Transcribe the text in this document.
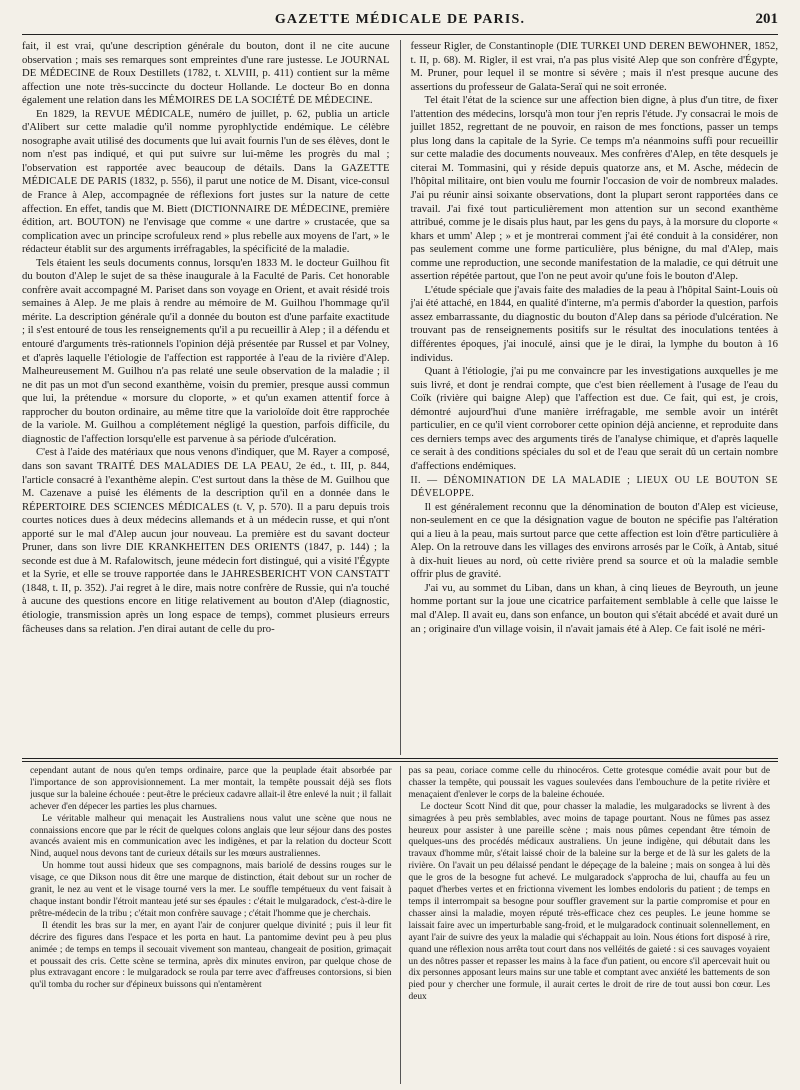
GAZETTE MÉDICALE DE PARIS.	201

fait, il est vrai, qu'une description générale du bouton, dont il ne cite aucune observation ; mais ses remarques sont empreintes d'une rare justesse. Le JOURNAL DE MÉDECINE de Roux Destillets (1782, t. XLVIII, p. 411) contient sur la même affection une note très-succincte du docteur Hollande. Le docteur Bo en donna également une relation dans les MÉMOIRES DE LA SOCIÉTÉ DE MÉDECINE.

En 1829, la REVUE MÉDICALE, numéro de juillet, p. 62, publia un article d'Alibert sur cette maladie qu'il nomme pyrophlyctide endémique. Le célèbre nosographe avait utilisé des documents que lui avait fournis l'un de ses élèves, dont le nom n'est pas indiqué, et qui put suivre sur lui-même les progrès du mal ; l'observation est rapportée avec beaucoup de détails. Dans la GAZETTE MÉDICALE DE PARIS (1832, p. 556), il parut une notice de M. Disant, vice-consul de France à Alep, accompagnée de réflexions fort justes sur la nature de cette affection. En effet, tandis que M. Biett (DICTIONNAIRE DE MÉDECINE, première édition, art. BOUTON) ne l'envisage que comme « une dartre » crustacée, que sa complication avec un principe scrofuleux rend » plus rebelle aux moyens de l'art, » le rédacteur établit sur des arguments irréfragables, la spécificité de la maladie.

Tels étaient les seuls documents connus, lorsqu'en 1833 M. le docteur Guilhou fit du bouton d'Alep le sujet de sa thèse inaugurale à la Faculté de Paris. Cet honorable confrère avait accompagné M. Pariset dans son voyage en Orient, et avait résidé trois semaines à Alep. Je me plais à rendre au mémoire de M. Guilhou l'hommage qu'il mérite. La description générale qu'il a donnée du bouton est d'une parfaite exactitude ; il s'est entouré de tous les renseignements qu'il a pu recueillir à Alep ; il a défendu et entouré d'arguments très-rationnels l'opinion déjà présentée par Russel et par Volney, et d'après laquelle l'étiologie de l'affection est rapportée à l'eau de la rivière d'Alep. Malheureusement M. Guilhou n'a pas relaté une seule observation de la maladie ; il ne dit pas un mot d'un second exanthème, voisin du premier, presque aussi commun que lui, la prétendue « morsure du cloporte, » et qu'un examen attentif force à rapprocher du bouton ordinaire, au même titre que la varioloïde doit être rapprochée de la variole. M. Guilhou a complétement négligé la question, parfois difficile, du diagnostic de l'affection lorsqu'elle est parvenue à sa période d'ulcération.

C'est à l'aide des matériaux que nous venons d'indiquer, que M. Rayer a composé, dans son savant TRAITÉ DES MALADIES DE LA PEAU, 2e éd., t. III, p. 844, l'article consacré à l'exanthème alepin. C'est surtout dans la thèse de M. Guilhou que M. Cazenave a puisé les éléments de la description qu'il en a donnée dans le RÉPERTOIRE DES SCIENCES MÉDICALES (t. V, p. 570). Il a paru depuis trois courtes notices dues à deux médecins allemands et à un médecin russe, et qui n'ont apporté sur le mal d'Alep aucun jour nouveau. La première est du savant docteur Pruner, dans son livre DIE KRANKHEITEN DES ORIENTS (1847, p. 144) ; la seconde est due à M. Rafalowitsch, jeune médecin fort distingué, qui a visité l'Égypte et la Syrie, et elle se trouve rapportée dans le JAHRESBERICHT VON CANSTATT (1848, t. II, p. 352). J'ai regret à le dire, mais notre confrère de Russie, qui n'a touché à aucune des questions encore en litige relativement au bouton d'Alep (diagnostic, étiologie, transmission après un long espace de temps), commet plusieurs erreurs fâcheuses dans sa relation. J'en dirai autant de celle du pro-

fesseur Rigler, de Constantinople (DIE TURKEI UND DEREN BEWOHNER, 1852, t. II, p. 68). M. Rigler, il est vrai, n'a pas plus visité Alep que son confrère d'Égypte, M. Pruner, pour lequel il se montre si sévère ; mais il n'est presque aucune des assertions du professeur de Galata-Seraï qui ne soit erronée.

Tel était l'état de la science sur une affection bien digne, à plus d'un titre, de fixer l'attention des médecins, lorsqu'à mon tour j'en repris l'étude. J'y consacrai le mois de juillet 1852, regrettant de ne pouvoir, en raison de mes fonctions, passer un temps plus long dans la capitale de la Syrie. Ce temps m'a néanmoins suffi pour recueillir sur cette maladie des documents nouveaux. Mes confrères d'Alep, en tête desquels je citerai M. Tommasini, qui y réside depuis quatorze ans, et M. Asche, médecin de l'hôpital militaire, ont bien voulu me fournir l'occasion de voir de nombreux malades. J'ai pu réunir ainsi soixante observations, dont la plupart seront rapportées dans ce travail. J'ai fixé tout particulièrement mon attention sur un second exanthème attribué, comme je le disais plus haut, par les gens du pays, à la morsure du cloporte « khars et umm' Alep ; » et je montrerai comment j'ai été conduit à la considérer, non pas seulement comme une forme particulière, plus bénigne, du mal d'Alep, mais comme une reproduction, une seconde manifestation de la maladie, ce qui détruit une assertion répétée partout, que l'on ne peut avoir qu'une fois le bouton d'Alep.

L'étude spéciale que j'avais faite des maladies de la peau à l'hôpital Saint-Louis où j'ai été attaché, en 1844, en qualité d'interne, m'a permis d'aborder la question, parfois assez embarrassante, du diagnostic du bouton d'Alep dans sa période d'ulcération. Ne trouvant pas de renseignements positifs sur le résultat des inoculations tentées à différentes époques, j'ai inoculé, ainsi que je le dirai, la lymphe du bouton à 16 individus.

Quant à l'étiologie, j'ai pu me convaincre par les investigations auxquelles je me suis livré, et dont je rendrai compte, que c'est bien réellement à l'usage de l'eau du Coïk (rivière qui baigne Alep) que l'affection est due. Ce fait, qui est, je crois, démontré aujourd'hui d'une manière irréfragable, me semble avoir un intérêt particulier, en ce qu'il vient corroborer cette opinion déjà ancienne, et reproduite dans ces derniers temps avec des arguments tirés de l'analyse chimique, et d'après laquelle ce serait à des conditions spéciales du sol et de l'eau que serait dû un certain nombre d'affections endémiques.

II. — DÉNOMINATION DE LA MALADIE ; LIEUX OU LE BOUTON SE DÉVELOPPE.

Il est généralement reconnu que la dénomination de bouton d'Alep est vicieuse, non-seulement en ce que la désignation vague de bouton ne spécifie pas l'altération qui a lieu à la peau, mais surtout parce que cette affection est loin d'être particulière à Alep. On la retrouve dans les villages des environs arrosés par le Coïk, à Antab, situé à dix-huit lieues au nord, où cette rivière prend sa source et où la maladie semble offrir plus de gravité.

J'ai vu, au sommet du Liban, dans un khan, à cinq lieues de Beyrouth, un jeune homme portant sur la joue une cicatrice parfaitement semblable à celle que laisse le mal d'Alep. Il avait eu, dans son enfance, un bouton qui s'était abcédé et avait duré un an ; originaire d'un village voisin, il n'avait jamais été à Alep. Ce fait isolé ne méri-

cependant autant de nous qu'en temps ordinaire, parce que la peuplade était absorbée par l'importance de son approvisionnement. La mer montait, la tempête poussait déjà ses flots jusque sur la baleine échouée : peut-être le précieux cadavre allait-il être enlevé la nuit ; il fallait achever d'en dépecer les parties les plus charnues.

Le véritable malheur qui menaçait les Australiens nous valut une scène que nous ne connaissions encore que par le récit de quelques colons anglais que leur séjour dans des postes avancés avaient mis en communication avec les indigènes, et par la relation du docteur Scott Nind, auquel nous devons tant de curieux détails sur les mœurs australiennes.

Un homme tout aussi hideux que ses compagnons, mais bariolé de dessins rouges sur le visage, ce que Dikson nous dit être une marque de distinction, était debout sur un rocher de granit, le nez au vent et le visage tourné vers la mer. Le souffle tempétueux du vent faisait à chaque instant bondir l'étroit manteau jeté sur ses épaules : c'était le mulgaradock, c'est-à-dire le prêtre-médecin de la tribu ; c'était mon confrère sauvage ; c'était l'homme que je cherchais.

Il étendit les bras sur la mer, en ayant l'air de conjurer quelque divinité ; puis il leur fit décrire des figures dans l'espace et les porta en haut. La pantomime devint peu à peu plus animée ; de temps en temps il secouait vivement son manteau, changeait de position, grimaçait et poussait des cris. Cette scène se termina, après dix minutes environ, par quelque chose de plus extravagant encore : le mulgaradock se roula par terre avec d'affreuses contorsions, si bien qu'il tomba du rocher sur d'épineux buissons qui n'entamèrent

pas sa peau, coriace comme celle du rhinocéros. Cette grotesque comédie avait pour but de chasser la tempête, qui poussait les vagues soulevées dans l'embouchure de la petite rivière et menaçaient d'enlever le corps de la baleine échouée.

Le docteur Scott Nind dit que, pour chasser la maladie, les mulgaradocks se livrent à des simagrées à peu près semblables, avec moins de tapage pourtant. Nous ne fûmes pas assez heureux pour assister à une pareille scène ; mais nous pûmes cependant être témoin de quelques-uns des procédés médicaux australiens. Un jeune indigène, qui débutait dans les travaux d'homme mûr, s'était laissé choir de la baleine sur la berge et de là sur les galets de la rivière. On l'avait un peu délaissé pendant le dépeçage de la baleine ; mais on songea à lui dès que le gros de la besogne fut achevé. Le mulgaradock s'approcha de lui, chauffa au feu un paquet d'herbes vertes et en frictionna vivement les lombes endoloris du patient ; de temps en temps il interrompait sa besogne pour souffler gravement sur la partie compromise et pour en chasser ainsi la maladie, moyen réputé très-efficace chez ces peuples. Le jeune homme se laissait faire avec un imperturbable sang-froid, et le mulgaradock continuait solennellement, en ayant l'air de suivre des yeux la maladie qui s'échappait au loin. Nous étions fort disposé à rire, quand une réflexion nous arrêta tout court dans nos velléités de gaieté : si ces sauvages voyaient un des nôtres passer et repasser les mains à la face d'un patient, ou encore s'il apercevait huit ou dix personnes apposant leurs mains sur une table et comptant avec anxiété les battements de son pied pour y chercher une formule, il aurait certes le droit de rire de tout aussi bon cœur. Les deux
